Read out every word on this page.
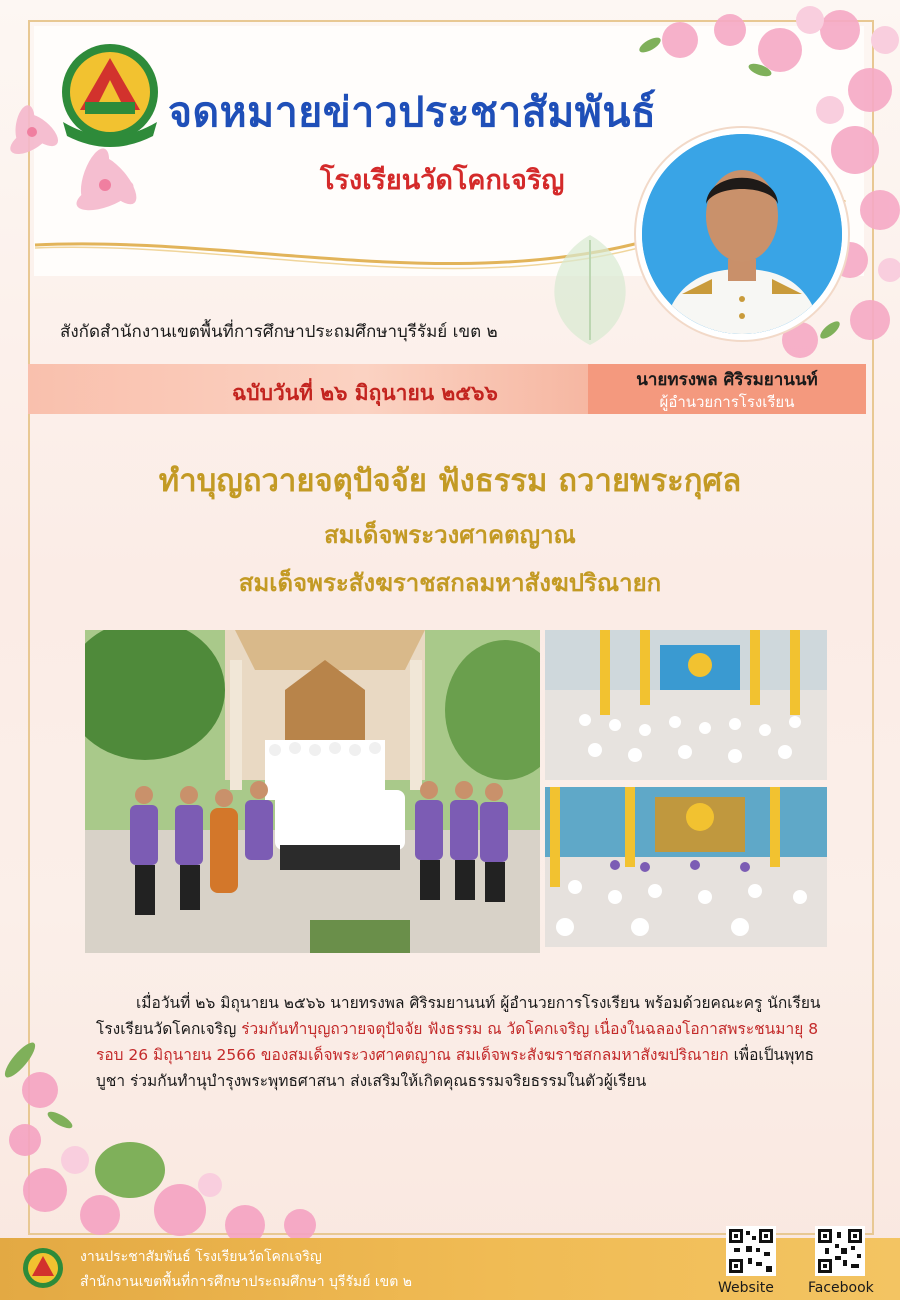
จดหมายข่าวประชาสัมพันธ์
โรงเรียนวัดโคกเจริญ
สังกัดสำนักงานเขตพื้นที่การศึกษาประถมศึกษาบุรีรัมย์ เขต ๒
ฉบับวันที่ ๒๖ มิถุนายน ๒๕๖๖
นายทรงพล ศิริรมยานนท์
ผู้อำนวยการโรงเรียน
ทำบุญถวายจตุปัจจัย ฟังธรรม ถวายพระกุศล
สมเด็จพระวงศาคตญาณ
สมเด็จพระสังฆราชสกลมหาสังฆปริณายก
เมื่อวันที่ ๒๖ มิถุนายน ๒๕๖๖ นายทรงพล ศิริรมยานนท์ ผู้อำนวยการโรงเรียน พร้อมด้วยคณะครู นักเรียนโรงเรียนวัดโคกเจริญ ร่วมกันทำบุญถวายจตุปัจจัย ฟังธรรม ณ วัดโคกเจริญ เนื่องในฉลองโอกาสพระชนมายุ 8 รอบ 26 มิถุนายน 2566 ของสมเด็จพระวงศาคตญาณ สมเด็จพระสังฆราชสกลมหาสังฆปริณายก เพื่อเป็นพุทธบูชา ร่วมกันทำนุบำรุงพระพุทธศาสนา ส่งเสริมให้เกิดคุณธรรมจริยธรรมในตัวผู้เรียน
งานประชาสัมพันธ์ โรงเรียนวัดโคกเจริญ
สำนักงานเขตพื้นที่การศึกษาประถมศึกษา บุรีรัมย์ เขต ๒	Website Facebook
